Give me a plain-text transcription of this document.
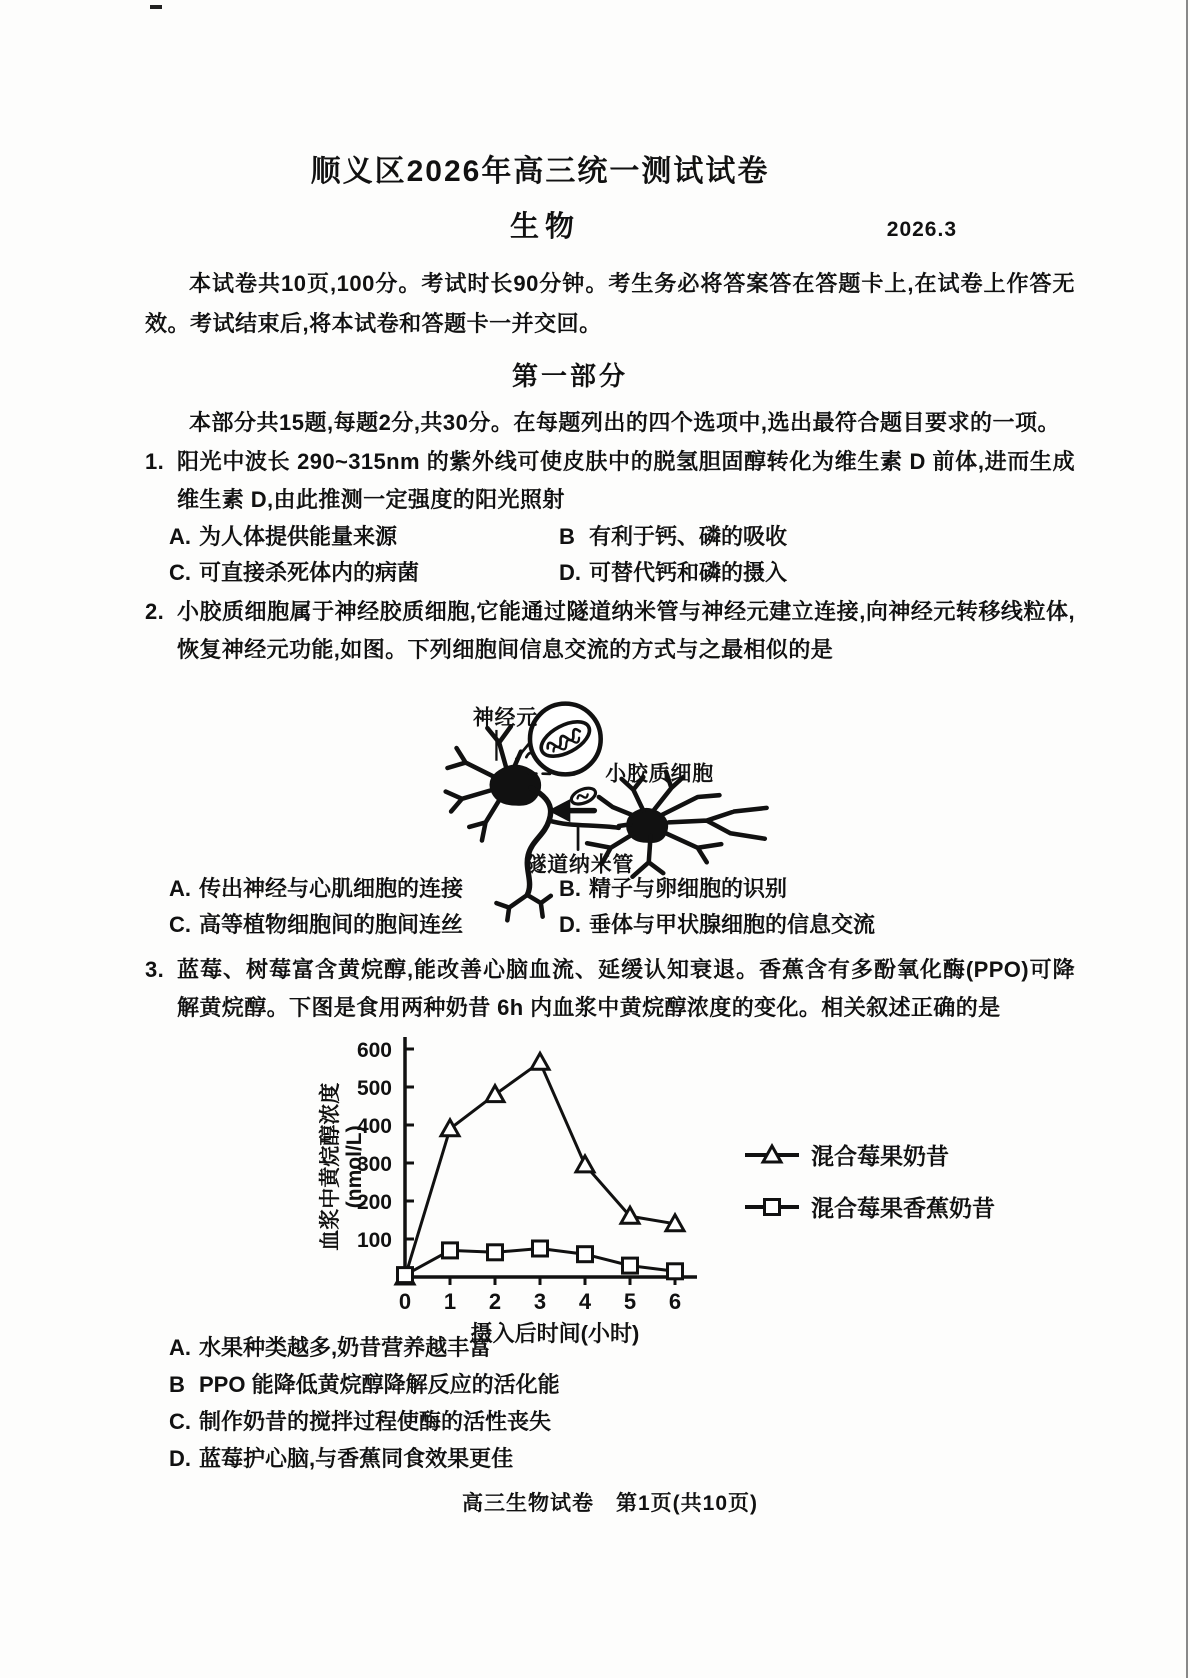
顺义区2026年高三统一测试试卷
生物	2026.3
本试卷共10页,100分。考试时长90分钟。考生务必将答案答在答题卡上,在试卷上作答无效。考试结束后,将本试卷和答题卡一并交回。
第一部分
本部分共15题,每题2分,共30分。在每题列出的四个选项中,选出最符合题目要求的一项。
1. 阳光中波长 290~315nm 的紫外线可使皮肤中的脱氢胆固醇转化为维生素 D 前体,进而生成维生素 D,由此推测一定强度的阳光照射
A. 为人体提供能量来源	B 有利于钙、磷的吸收
C. 可直接杀死体内的病菌	D. 可替代钙和磷的摄入
2. 小胶质细胞属于神经胶质细胞,它能通过隧道纳米管与神经元建立连接,向神经元转移线粒体,恢复神经元功能,如图。下列细胞间信息交流的方式与之最相似的是
神经元
小胶质细胞
隧道纳米管
A. 传出神经与心肌细胞的连接	B. 精子与卵细胞的识别
C. 高等植物细胞间的胞间连丝	D. 垂体与甲状腺细胞的信息交流
3. 蓝莓、树莓富含黄烷醇,能改善心脑血流、延缓认知衰退。香蕉含有多酚氧化酶(PPO)可降解黄烷醇。下图是食用两种奶昔 6h 内血浆中黄烷醇浓度的变化。相关叙述正确的是
100
200
300
400
500
600
0 1 2 3 4 5 6
混合莓果奶昔
混合莓果香蕉奶昔
血浆中黄烷醇浓度(nmol/L)
摄入后时间(小时)
A. 水果种类越多,奶昔营养越丰富
B PPO 能降低黄烷醇降解反应的活化能
C. 制作奶昔的搅拌过程使酶的活性丧失
D. 蓝莓护心脑,与香蕉同食效果更佳
高三生物试卷　第1页(共10页)
